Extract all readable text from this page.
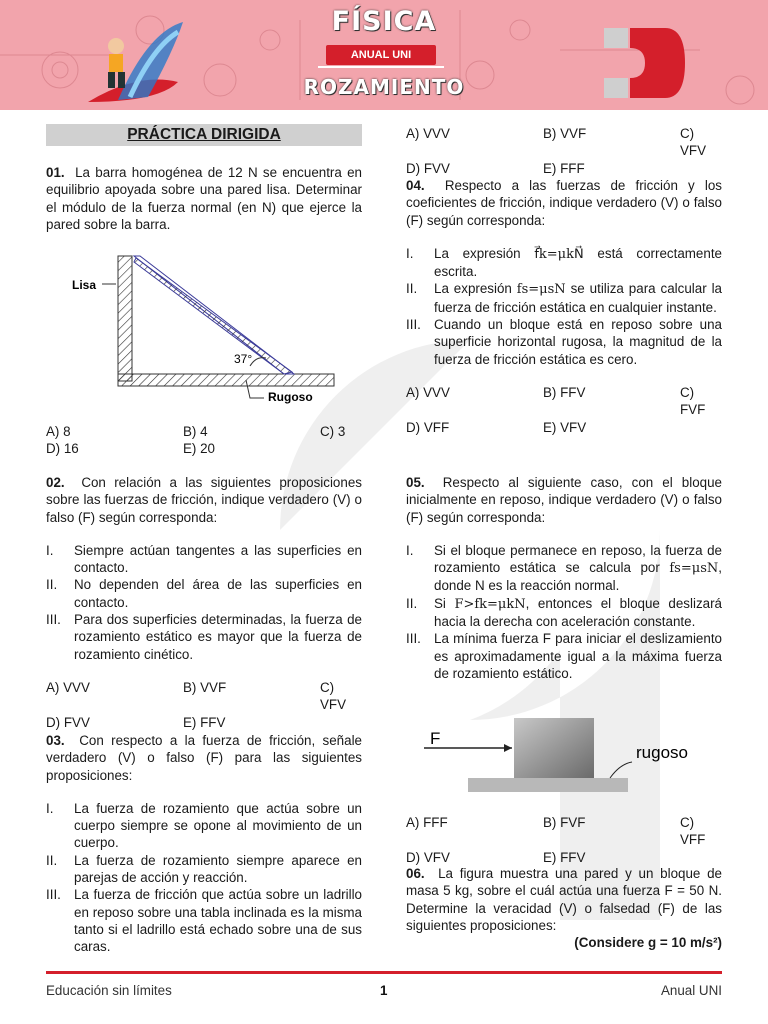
FÍSICA
ANUAL UNI
ROZAMIENTO
PRÁCTICA DIRIGIDA
01. La barra homogénea de 12 N se encuentra en equilibrio apoyada sobre una pared lisa. Determinar el módulo de la fuerza normal (en N) que ejerce la pared sobre la barra.
Lisa
37°
Rugoso
A) 8	B) 4	C) 3
D) 16	E) 20
02. Con relación a las siguientes proposiciones sobre las fuerzas de fricción, indique verdadero (V) o falso (F) según corresponda:
I. Siempre actúan tangentes a las superficies en contacto.
II. No dependen del área de las superficies en contacto.
III. Para dos superficies determinadas, la fuerza de rozamiento estático es mayor que la fuerza de rozamiento cinético.
A) VVV	B) VVF	C) VFV
D) FVV	E) FFV
03. Con respecto a la fuerza de fricción, señale verdadero (V) o falso (F) para las siguientes proposiciones:
I. La fuerza de rozamiento que actúa sobre un cuerpo siempre se opone al movimiento de un cuerpo.
II. La fuerza de rozamiento siempre aparece en parejas de acción y reacción.
III. La fuerza de fricción que actúa sobre un ladrillo en reposo sobre una tabla inclinada es la misma tanto si el ladrillo está echado sobre una de sus caras.
A) VVV	B) VVF	C) VFV
D) FVV	E) FFF
04. Respecto a las fuerzas de fricción y los coeficientes de fricción, indique verdadero (V) o falso (F) según corresponda:
I. La expresión f⃗k=μkN⃗ está correctamente escrita.
II. La expresión fs=μsN se utiliza para calcular la fuerza de fricción estática en cualquier instante.
III. Cuando un bloque está en reposo sobre una superficie horizontal rugosa, la magnitud de la fuerza de fricción estática es cero.
A) VVV	B) FFV	C) FVF
D) VFF	E) VFV
05. Respecto al siguiente caso, con el bloque inicialmente en reposo, indique verdadero (V) o falso (F) según corresponda:
I. Si el bloque permanece en reposo, la fuerza de rozamiento estática se calcula por fs=μsN, donde N es la reacción normal.
II. Si F>fk=μkN, entonces el bloque deslizará hacia la derecha con aceleración constante.
III. La mínima fuerza F para iniciar el deslizamiento es aproximadamente igual a la máxima fuerza de rozamiento estático.
F
rugoso
A) FFF	B) FVF	C) VFF
D) VFV	E) FFV
06. La figura muestra una pared y un bloque de masa 5 kg, sobre el cuál actúa una fuerza F = 50 N. Determine la veracidad (V) o falsedad (F) de las siguientes proposiciones:
(Considere g = 10 m/s²)
Educación sin límites	1	Anual UNI
